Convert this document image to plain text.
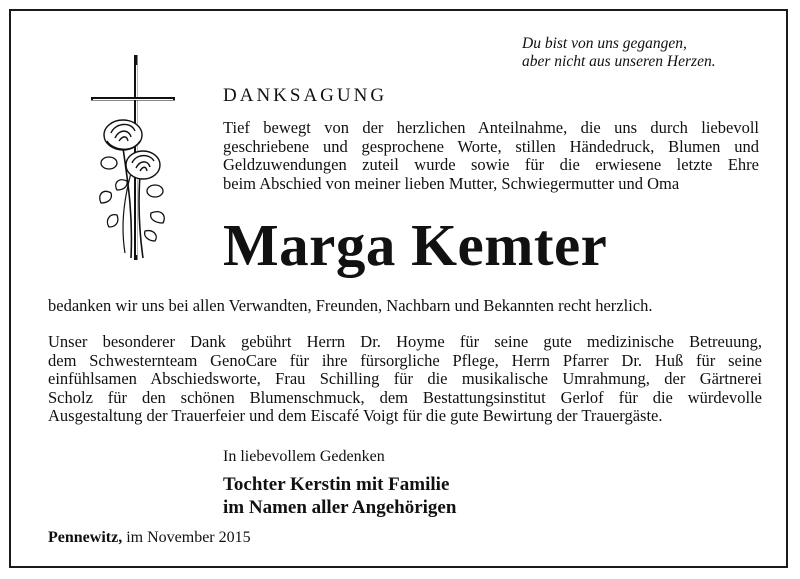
Du bist von uns gegangen,
aber nicht aus unseren Herzen.
DANKSAGUNG
Tief bewegt von der herzlichen Anteilnahme, die uns durch liebevoll
geschriebene und gesprochene Worte, stillen Händedruck, Blumen und
Geldzuwendungen zuteil wurde sowie für die erwiesene letzte Ehre
beim Abschied von meiner lieben Mutter, Schwiegermutter und Oma
Marga Kemter
bedanken wir uns bei allen Verwandten, Freunden, Nachbarn und Bekannten recht herzlich.
Unser besonderer Dank gebührt Herrn Dr. Hoyme für seine gute medizinische Betreuung,
dem Schwesternteam GenoCare für ihre fürsorgliche Pflege, Herrn Pfarrer Dr. Huß für seine
einfühlsamen Abschiedsworte, Frau Schilling für die musikalische Umrahmung, der Gärtnerei
Scholz für den schönen Blumenschmuck, dem Bestattungsinstitut Gerlof für die würdevolle
Ausgestaltung der Trauerfeier und dem Eiscafé Voigt für die gute Bewirtung der Trauergäste.
In liebevollem Gedenken
Tochter Kerstin mit Familie
im Namen aller Angehörigen
Pennewitz, im November 2015
